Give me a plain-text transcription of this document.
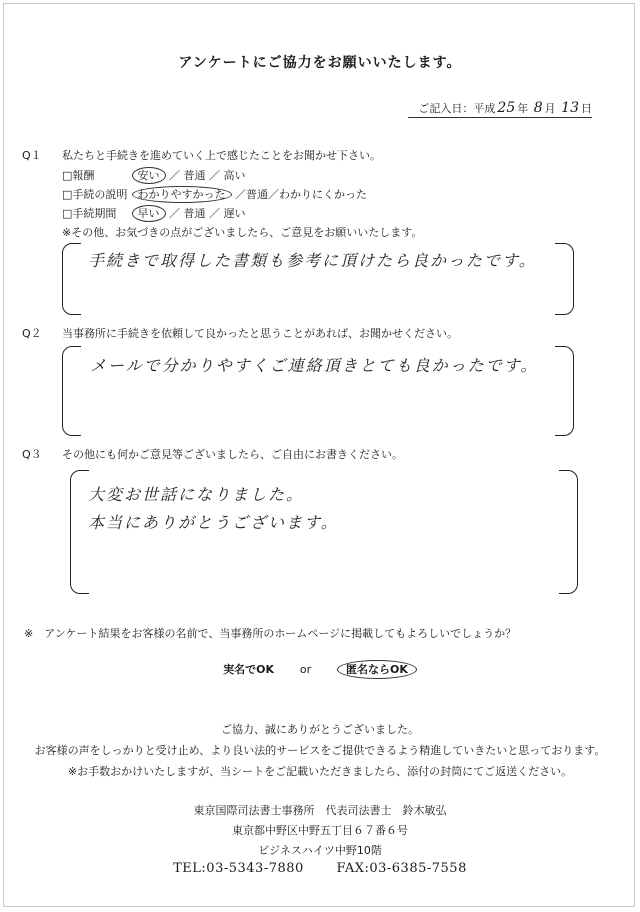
アンケートにご協力をお願いいたします。
ご記入日：平成 25 年 8 月 13 日
Q１ 私たちと手続きを進めていく上で感じたことをお聞かせ下さい。
□報酬	安い ／ 普通 ／ 高い
□手続の説明 わかりやすかった ／普通／わかりにくかった
□手続期間 早い ／ 普通 ／ 遅い
※その他、お気づきの点がございましたら、ご意見をお願いいたします。
手続きで取得した書類も参考に頂けたら良かったです。
Q２ 当事務所に手続きを依頼して良かったと思うことがあれば、お聞かせください。
メールで分かりやすくご連絡頂きとても良かったです。
Q３ その他にも何かご意見等ございましたら、ご自由にお書きください。
大変お世話になりました。
本当にありがとうございます。
※　アンケート結果をお客様の名前で、当事務所のホームページに掲載してもよろしいでしょうか？
実名でOK or	匿名ならOK
ご協力、誠にありがとうございました。
お客様の声をしっかりと受け止め、より良い法的サービスをご提供できるよう精進していきたいと思っております。
※お手数おかけいたしますが、当シートをご記載いただきましたら、添付の封筒にてご返送ください。
東京国際司法書士事務所　代表司法書士　鈴木敏弘
東京都中野区中野五丁目６７番６号
ビジネスハイツ中野10階
TEL:03-5343-7880	FAX:03-6385-7558
